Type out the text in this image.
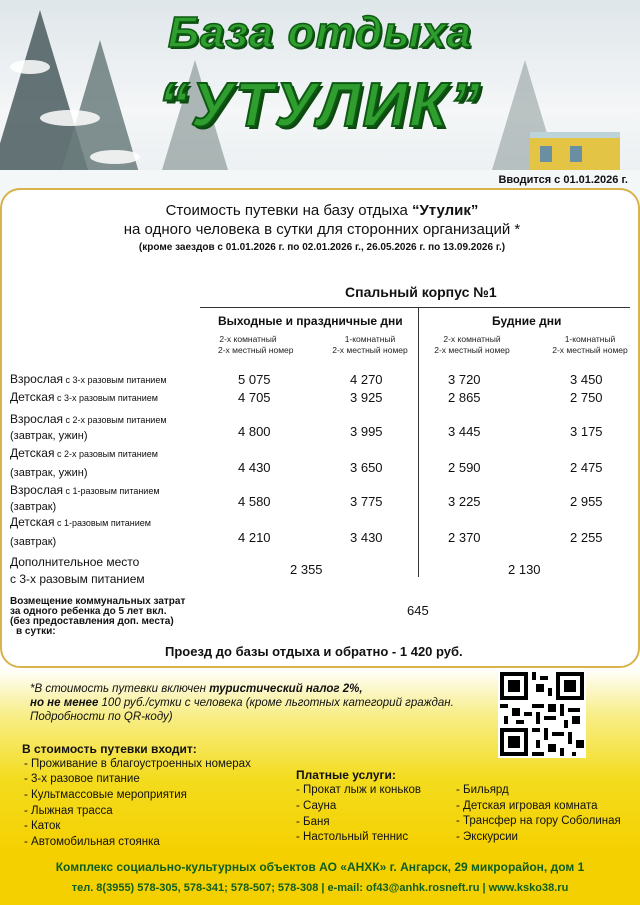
База отдыха
“УТУЛИК”
Вводится с 01.01.2026 г.
Стоимость путевки на базу отдыха “Утулик”
на одного человека в сутки для сторонних организаций *
(кроме заездов с 01.01.2026 г. по 02.01.2026 г., 26.05.2026 г. по 13.09.2026 г.)
Спальный корпус №1
Выходные и праздничные дни	Будние дни
2-х комнатный
2-х местный номер
1-комнатный
2-х местный номер
2-х комнатный
2-х местный номер
1-комнатный
2-х местный номер
Взрослая с 3-х разовым питанием	5 075	4 270	3 720	3 450
Детская с 3-х разовым питанием	4 705	3 925	2 865	2 750
Взрослая с 2-х разовым питанием
(завтрак, ужин)	4 800	3 995	3 445	3 175
Детская с 2-х разовым питанием
(завтрак, ужин)	4 430	3 650	2 590	2 475
Взрослая с 1-разовым питанием
(завтрак)	4 580	3 775	3 225	2 955
Детская с 1-разовым питанием
(завтрак)	4 210	3 430	2 370	2 255
Дополнительное место
с 3-х разовым питанием
2 355	2 130
Возмещение коммунальных затрат
за одного ребенка до 5 лет вкл.
(без предоставления доп. места)
в сутки:
645
Проезд до базы отдыха и обратно - 1 420 руб.
*В стоимость путевки включен туристический налог 2%,
но не менее 100 руб./сутки с человека (кроме льготных категорий граждан.
Подробности по QR-коду)
В стоимость путевки входит:
- Проживание в благоустроенных номерах
- 3-х разовое питание
- Культмассовые мероприятия
- Лыжная трасса
- Каток
- Автомобильная стоянка
Платные услуги:
- Прокат лыж и коньков
- Сауна
- Баня
- Настольный теннис
- Бильярд
- Детская игровая комната
- Трансфер на гору Соболиная
- Экскурсии
Комплекс социально-культурных объектов АО «АНХК» г. Ангарск, 29 микрорайон, дом 1
тел. 8(3955) 578-305, 578-341; 578-507; 578-308 | e-mail: of43@anhk.rosneft.ru | www.ksko38.ru
